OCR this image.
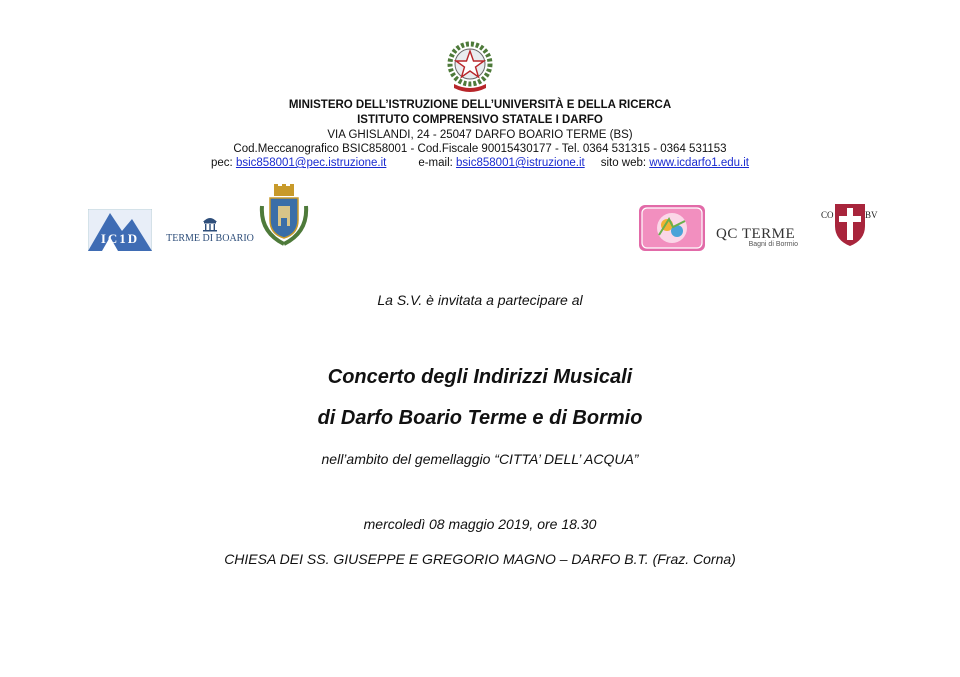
MINISTERO DELL’ISTRUZIONE DELL’UNIVERSITÀ E DELLA RICERCA
ISTITUTO COMPRENSIVO STATALE I DARFO
VIA GHISLANDI, 24 - 25047 DARFO BOARIO TERME (BS)
Cod.Meccanografico BSIC858001 - Cod.Fiscale 90015430177 - Tel. 0364 531315 - 0364 531153
pec: bsic858001@pec.istruzione.it	e-mail: bsic858001@istruzione.it sito web: www.icdarfo1.edu.it
IC1D	TERME DI BOARIO	QC TERME
Bagni di Bormio
CO	BV
La S.V. è invitata a partecipare al
Concerto degli Indirizzi Musicali
di Darfo Boario Terme e di Bormio
nell’ambito del gemellaggio “CITTA’ DELL’ ACQUA”
mercoledì 08 maggio 2019, ore 18.30
CHIESA DEI SS. GIUSEPPE E GREGORIO MAGNO – DARFO B.T. (Fraz. Corna)
